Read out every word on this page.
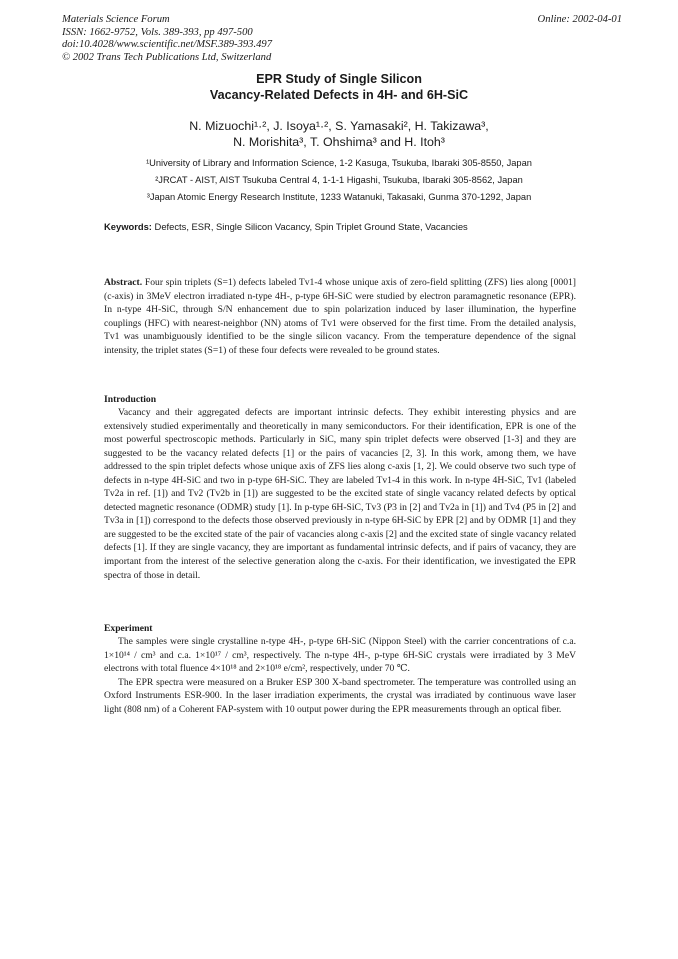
Materials Science Forum
ISSN: 1662-9752, Vols. 389-393, pp 497-500
doi:10.4028/www.scientific.net/MSF.389-393.497
© 2002 Trans Tech Publications Ltd, Switzerland
Online: 2002-04-01
EPR Study of Single Silicon
Vacancy-Related Defects in 4H- and 6H-SiC
N. Mizuochi¹·², J. Isoya¹·², S. Yamasaki², H. Takizawa³,
N. Morishita³, T. Ohshima³ and H. Itoh³
¹University of Library and Information Science, 1-2 Kasuga, Tsukuba, Ibaraki 305-8550, Japan
²JRCAT - AIST, AIST Tsukuba Central 4, 1-1-1 Higashi, Tsukuba, Ibaraki 305-8562, Japan
³Japan Atomic Energy Research Institute, 1233 Watanuki, Takasaki, Gunma 370-1292, Japan
Keywords: Defects, ESR, Single Silicon Vacancy, Spin Triplet Ground State, Vacancies
Abstract. Four spin triplets (S=1) defects labeled Tv1-4 whose unique axis of zero-field splitting (ZFS) lies along [0001] (c-axis) in 3MeV electron irradiated n-type 4H-, p-type 6H-SiC were studied by electron paramagnetic resonance (EPR). In n-type 4H-SiC, through S/N enhancement due to spin polarization induced by laser illumination, the hyperfine couplings (HFC) with nearest-neighbor (NN) atoms of Tv1 were observed for the first time. From the detailed analysis, Tv1 was unambiguously identified to be the single silicon vacancy. From the temperature dependence of the signal intensity, the triplet states (S=1) of these four defects were revealed to be ground states.
Introduction

Vacancy and their aggregated defects are important intrinsic defects. They exhibit interesting physics and are extensively studied experimentally and theoretically in many semiconductors. For their identification, EPR is one of the most powerful spectroscopic methods. Particularly in SiC, many spin triplet defects were observed [1-3] and they are suggested to be the vacancy related defects [1] or the pairs of vacancies [2, 3]. In this work, among them, we have addressed to the spin triplet defects whose unique axis of ZFS lies along c-axis [1, 2]. We could observe two such type of defects in n-type 4H-SiC and two in p-type 6H-SiC. They are labeled Tv1-4 in this work. In n-type 4H-SiC, Tv1 (labeled Tv2a in ref. [1]) and Tv2 (Tv2b in [1]) are suggested to be the excited state of single vacancy related defects by optical detected magnetic resonance (ODMR) study [1]. In p-type 6H-SiC, Tv3 (P3 in [2] and Tv2a in [1]) and Tv4 (P5 in [2] and Tv3a in [1]) correspond to the defects those observed previously in n-type 6H-SiC by EPR [2] and by ODMR [1] and they are suggested to be the excited state of the pair of vacancies along c-axis [2] and the excited state of single vacancy related defects [1]. If they are single vacancy, they are important as fundamental intrinsic defects, and if pairs of vacancy, they are important from the interest of the selective generation along the c-axis. For their identification, we investigated the EPR spectra of those in detail.

Experiment

The samples were single crystalline n-type 4H-, p-type 6H-SiC (Nippon Steel) with the carrier concentrations of c.a. 1×10¹⁴ / cm³ and c.a. 1×10¹⁷ / cm³, respectively. The n-type 4H-, p-type 6H-SiC crystals were irradiated by 3 MeV electrons with total fluence 4×10¹⁸ and 2×10¹⁸ e/cm², respectively, under 70 ℃.

The EPR spectra were measured on a Bruker ESP 300 X-band spectrometer. The temperature was controlled using an Oxford Instruments ESR-900. In the laser irradiation experiments, the crystal was irradiated by continuous wave laser light (808 nm) of a Coherent FAP-system with 10 output power during the EPR measurements through an optical fiber.
